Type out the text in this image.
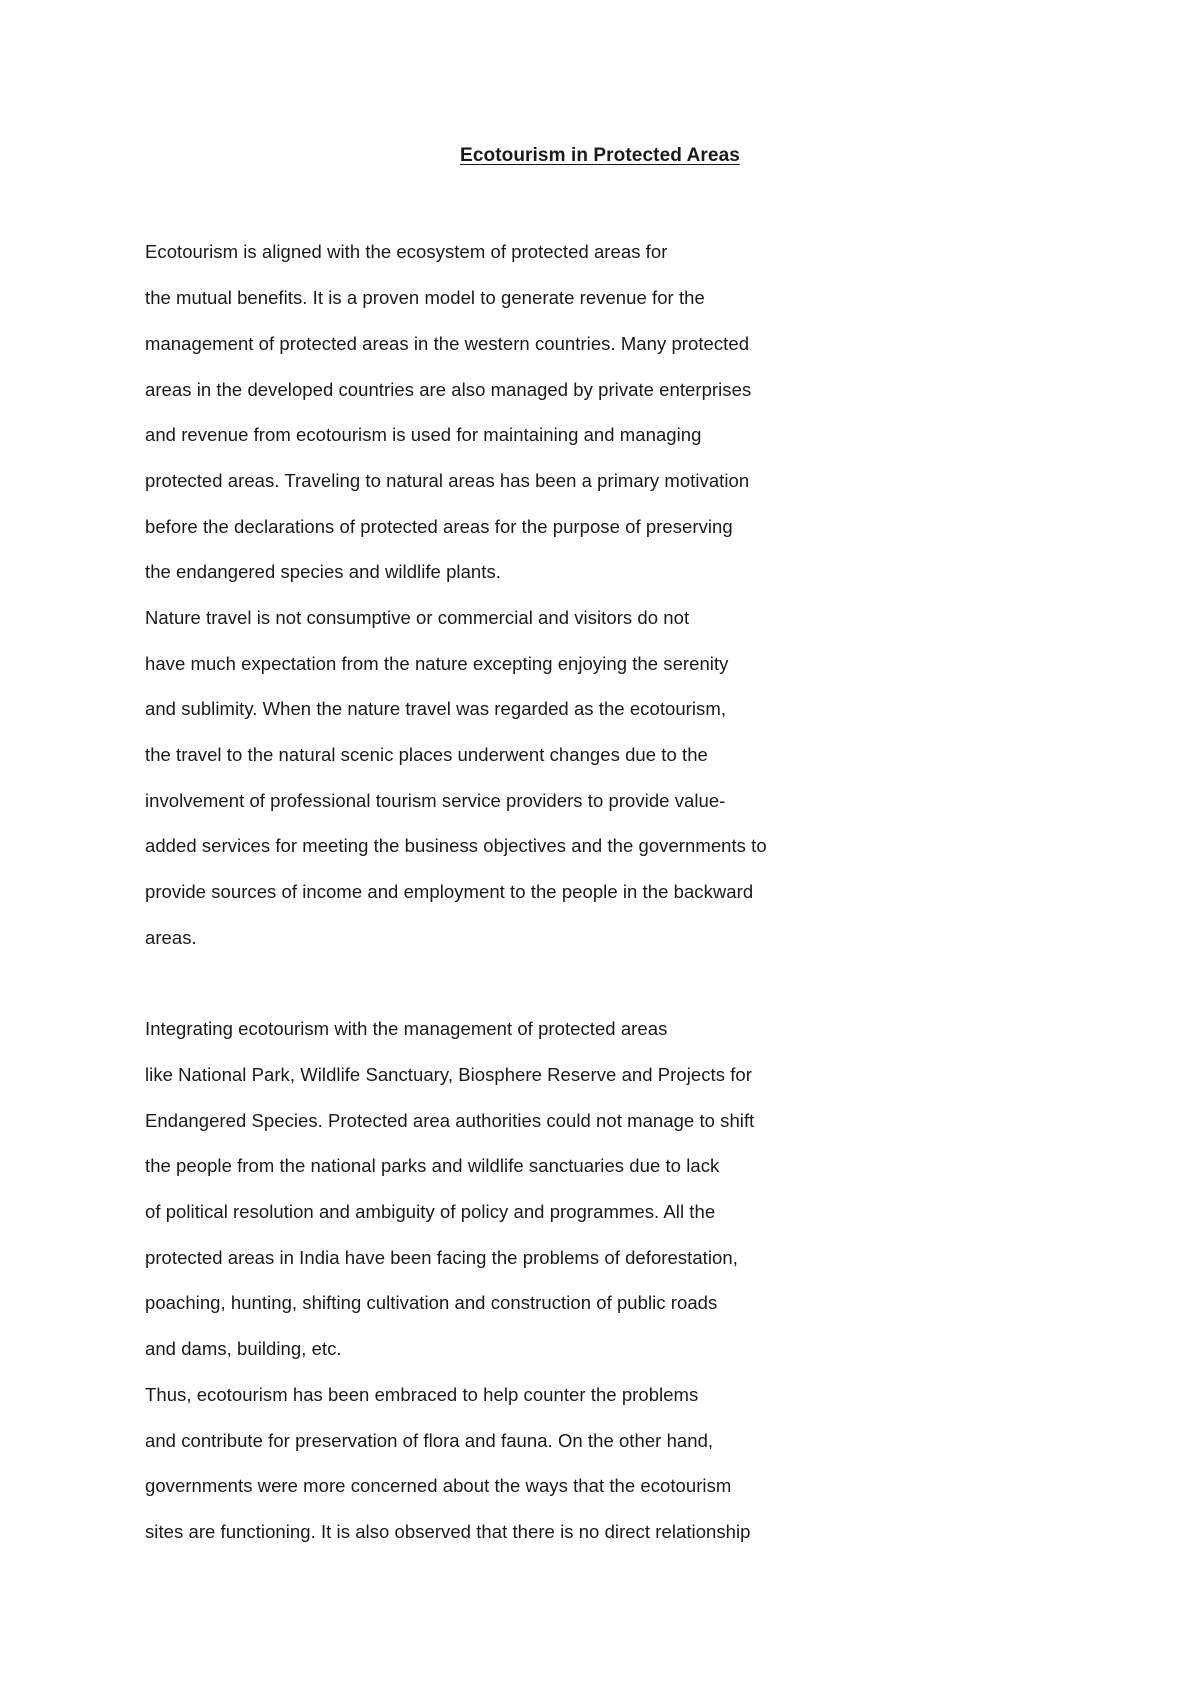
Ecotourism in Protected Areas
Ecotourism is aligned with the ecosystem of protected areas for
the mutual benefits. It is a proven model to generate revenue for the
management of protected areas in the western countries. Many protected
areas in the developed countries are also managed by private enterprises
and revenue from ecotourism is used for maintaining and managing
protected areas. Traveling to natural areas has been a primary motivation
before the declarations of protected areas for the purpose of preserving
the endangered species and wildlife plants.
Nature travel is not consumptive or commercial and visitors do not
have much expectation from the nature excepting enjoying the serenity
and sublimity. When the nature travel was regarded as the ecotourism,
the travel to the natural scenic places underwent changes due to the
involvement of professional tourism service providers to provide value-
added services for meeting the business objectives and the governments to
provide sources of income and employment to the people in the backward
areas.
Integrating ecotourism with the management of protected areas
like National Park, Wildlife Sanctuary, Biosphere Reserve and Projects for
Endangered Species. Protected area authorities could not manage to shift
the people from the national parks and wildlife sanctuaries due to lack
of political resolution and ambiguity of policy and programmes. All the
protected areas in India have been facing the problems of deforestation,
poaching, hunting, shifting cultivation and construction of public roads
and dams, building, etc.
Thus, ecotourism has been embraced to help counter the problems
and contribute for preservation of flora and fauna. On the other hand,
governments were more concerned about the ways that the ecotourism
sites are functioning. It is also observed that there is no direct relationship
